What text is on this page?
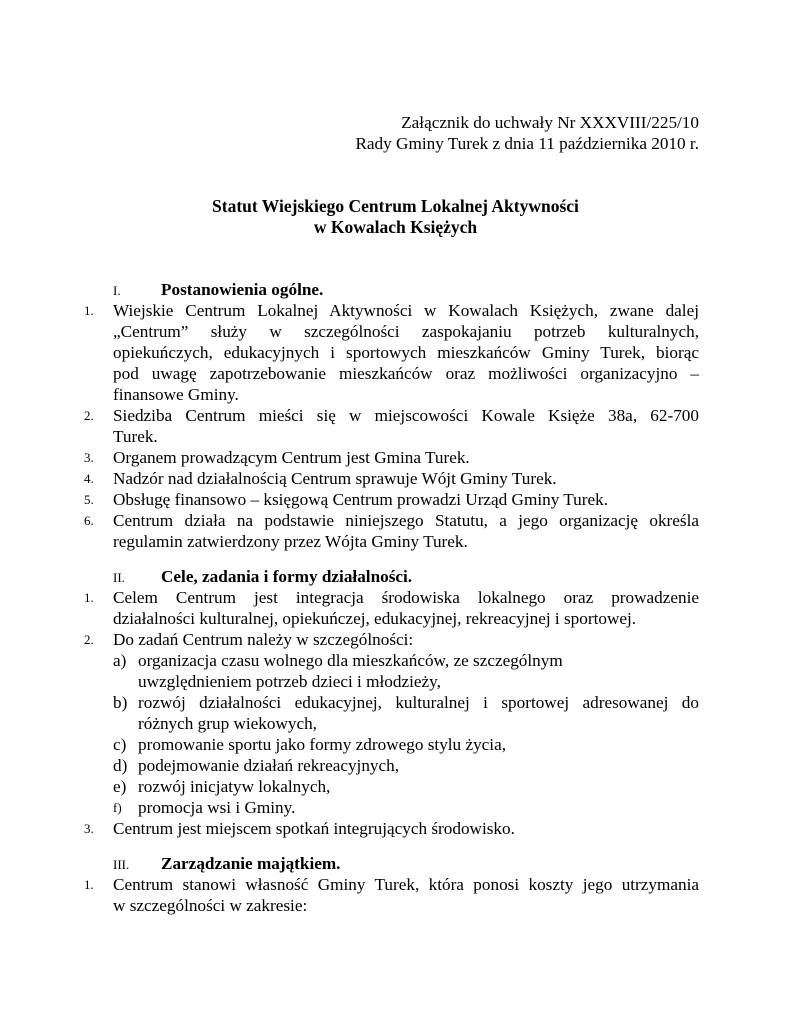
Załącznik do uchwały Nr XXXVIII/225/10
Rady Gminy Turek z dnia 11 października 2010 r.
Statut Wiejskiego Centrum Lokalnej Aktywności
w Kowalach Księżych
I.	Postanowienia ogólne.
1. Wiejskie Centrum Lokalnej Aktywności w Kowalach Księżych, zwane dalej
„Centrum” służy w szczególności zaspokajaniu potrzeb kulturalnych,
opiekuńczych, edukacyjnych i sportowych mieszkańców Gminy Turek, biorąc
pod uwagę zapotrzebowanie mieszkańców oraz możliwości organizacyjno –
finansowe Gminy.
2. Siedziba Centrum mieści się w miejscowości Kowale Księże 38a, 62-700
Turek.
3. Organem prowadzącym Centrum jest Gmina Turek.
4. Nadzór nad działalnością Centrum sprawuje Wójt Gminy Turek.
5. Obsługę finansowo – księgową Centrum prowadzi Urząd Gminy Turek.
6. Centrum działa na podstawie niniejszego Statutu, a jego organizację określa
regulamin zatwierdzony przez Wójta Gminy Turek.
II.	Cele, zadania i formy działalności.
1. Celem Centrum jest integracja środowiska lokalnego oraz prowadzenie
działalności kulturalnej, opiekuńczej, edukacyjnej, rekreacyjnej i sportowej.
2. Do zadań Centrum należy w szczególności:
a) organizacja czasu wolnego dla mieszkańców, ze szczególnym
uwzględnieniem potrzeb dzieci i młodzieży,
b) rozwój działalności edukacyjnej, kulturalnej i sportowej adresowanej do
różnych grup wiekowych,
c) promowanie sportu jako formy zdrowego stylu życia,
d) podejmowanie działań rekreacyjnych,
e) rozwój inicjatyw lokalnych,
f) promocja wsi i Gminy.
3. Centrum jest miejscem spotkań integrujących środowisko.
III.	Zarządzanie majątkiem.
1. Centrum stanowi własność Gminy Turek, która ponosi koszty jego utrzymania
w szczególności w zakresie:
